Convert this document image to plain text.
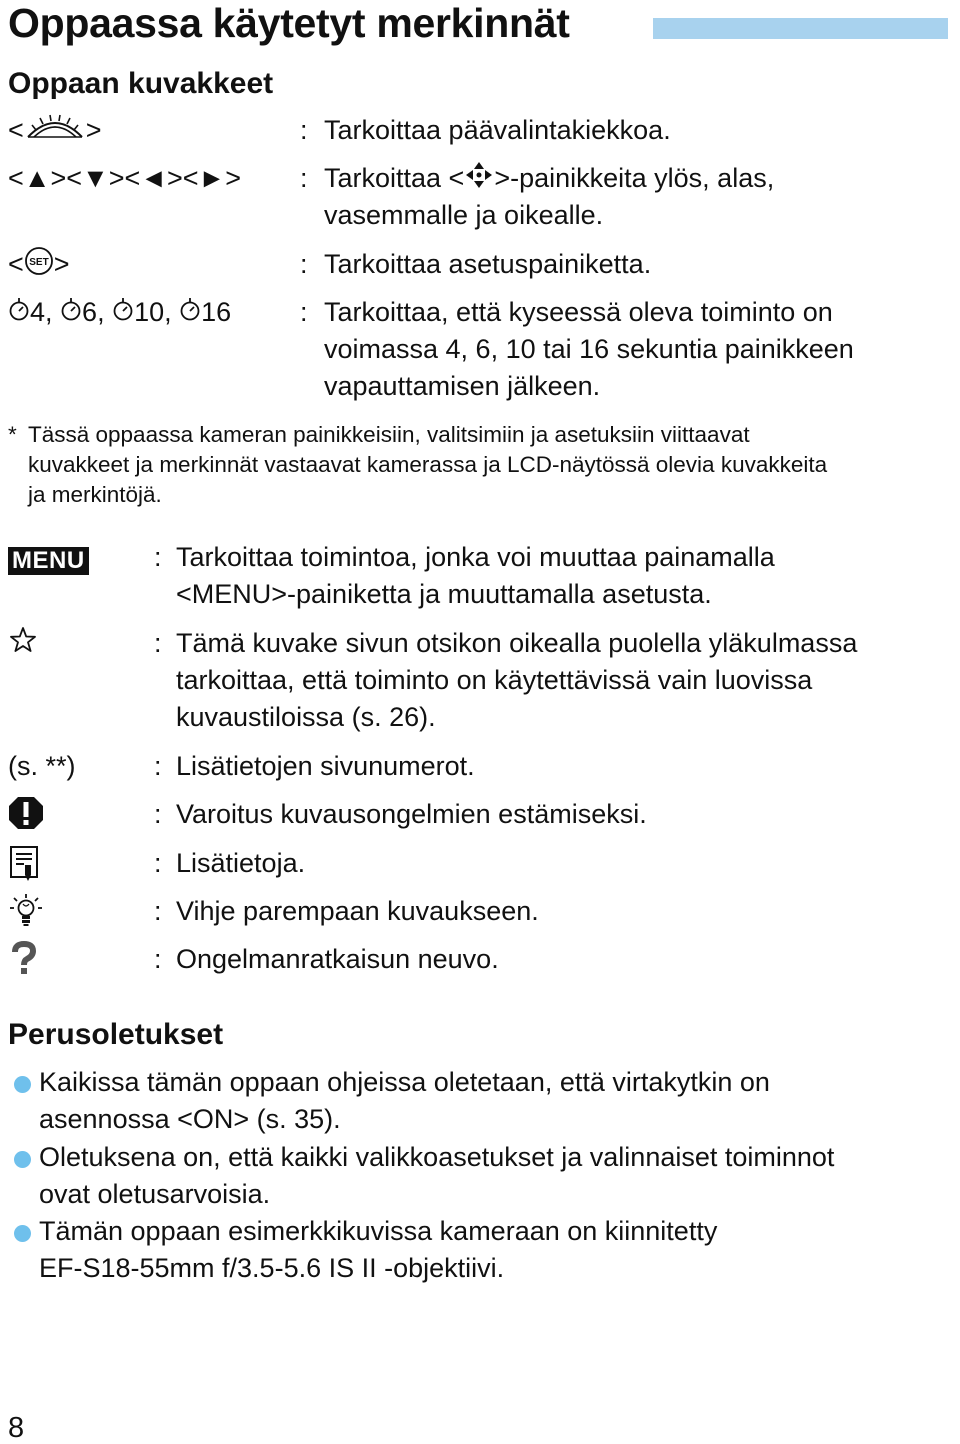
Oppaassa käytetyt merkinnät
Oppaan kuvakkeet
< >	: Tarkoittaa päävalintakiekkoa.
<▲><▼><◄><►> : Tarkoittaa < >-painikkeita ylös, alas,
vasemmalle ja oikealle.
< SET >	: Tarkoittaa asetuspainiketta.
4, 6, 10, 16	: Tarkoittaa, että kyseessä oleva toiminto on
voimassa 4, 6, 10 tai 16 sekuntia painikkeen
vapauttamisen jälkeen.
* Tässä oppaassa kameran painikkeisiin, valitsimiin ja asetuksiin viittaavat
kuvakkeet ja merkinnät vastaavat kamerassa ja LCD-näytössä olevia kuvakkeita
ja merkintöjä.
MENU	: Tarkoittaa toimintoa, jonka voi muuttaa painamalla
<MENU>-painiketta ja muuttamalla asetusta.
: Tämä kuvake sivun otsikon oikealla puolella yläkulmassa
tarkoittaa, että toiminto on käytettävissä vain luovissa
kuvaustiloissa (s. 26).
(s. **)	: Lisätietojen sivunumerot.
: Varoitus kuvausongelmien estämiseksi.
: Lisätietoja.
: Vihje parempaan kuvaukseen.
: Ongelmanratkaisun neuvo.
Perusoletukset
Kaikissa tämän oppaan ohjeissa oletetaan, että virtakytkin on
asennossa <ON> (s. 35).
Oletuksena on, että kaikki valikkoasetukset ja valinnaiset toiminnot
ovat oletusarvoisia.
Tämän oppaan esimerkkikuvissa kameraan on kiinnitetty
EF-S18-55mm f/3.5-5.6 IS II -objektiivi.
8
